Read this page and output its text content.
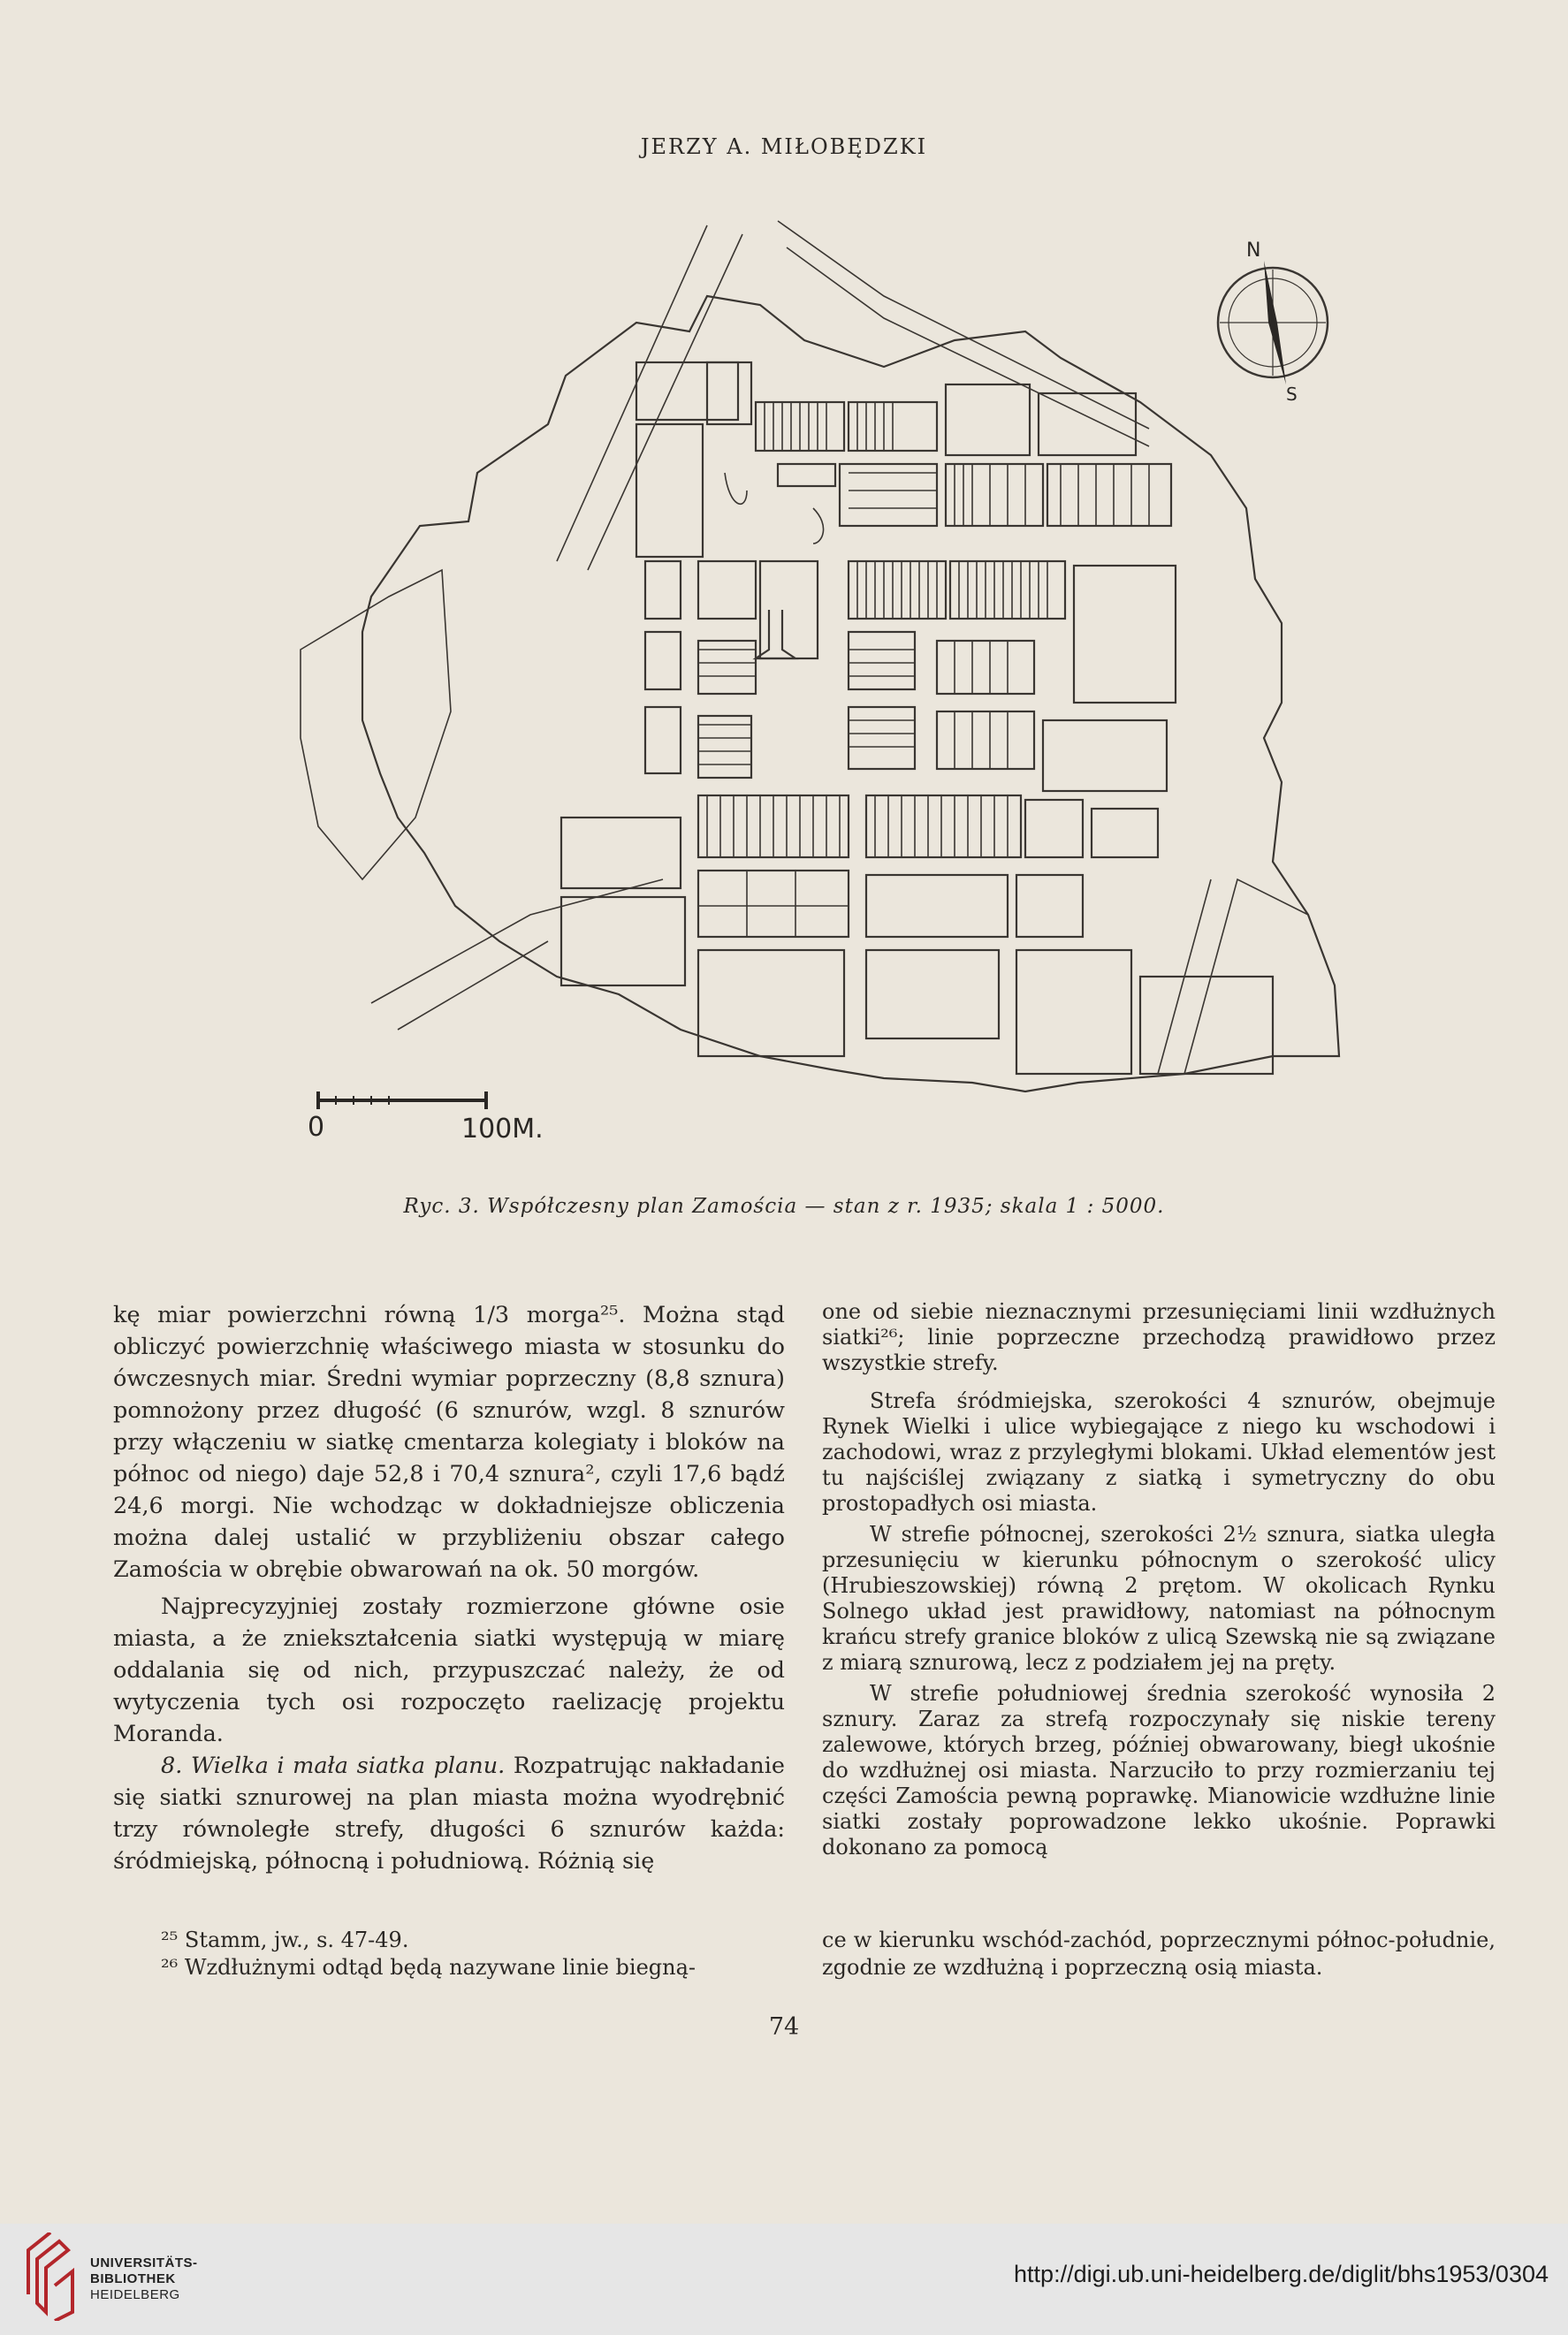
JERZY A. MIŁOBĘDZKI
N
S
0	100M.
Ryc. 3. Współczesny plan Zamościa — stan z r. 1935; skala 1 : 5000.

kę miar powierzchni równą 1/3 morga²⁵. Można stąd obliczyć powierzchnię właściwego miasta w stosunku do ówczesnych miar. Średni wymiar poprzeczny (8,8 sznura) pomnożony przez długość (6 sznurów, wzgl. 8 sznurów przy włączeniu w siatkę cmentarza kolegiaty i bloków na północ od niego) daje 52,8 i 70,4 sznura², czyli 17,6 bądź 24,6 morgi. Nie wchodząc w dokładniejsze obliczenia można dalej ustalić w przybliżeniu obszar całego Zamościa w obrębie obwarowań na ok. 50 morgów.

Najprecyzyjniej zostały rozmierzone główne osie miasta, a że zniekształcenia siatki występują w miarę oddalania się od nich, przypuszczać należy, że od wytyczenia tych osi rozpoczęto raelizację projektu Moranda.

8. Wielka i mała siatka planu. Rozpatrując nakładanie się siatki sznurowej na plan miasta można wyodrębnić trzy równoległe strefy, długości 6 sznurów każda: śródmiejską, północną i południową. Różnią się

one od siebie nieznacznymi przesunięciami linii wzdłużnych siatki²⁶; linie poprzeczne przechodzą prawidłowo przez wszystkie strefy.

Strefa śródmiejska, szerokości 4 sznurów, obejmuje Rynek Wielki i ulice wybiegające z niego ku wschodowi i zachodowi, wraz z przyległymi blokami. Układ elementów jest tu najściślej związany z siatką i symetryczny do obu prostopadłych osi miasta.

W strefie północnej, szerokości 2½ sznura, siatka uległa przesunięciu w kierunku północnym o szerokość ulicy (Hrubieszowskiej) równą 2 prętom. W okolicach Rynku Solnego układ jest prawidłowy, natomiast na północnym krańcu strefy granice bloków z ulicą Szewską nie są związane z miarą sznurową, lecz z podziałem jej na pręty.

W strefie południowej średnia szerokość wynosiła 2 sznury. Zaraz za strefą rozpoczynały się niskie tereny zalewowe, których brzeg, później obwarowany, biegł ukośnie do wzdłużnej osi miasta. Narzuciło to przy rozmierzaniu tej części Zamościa pewną poprawkę. Mianowicie wzdłużne linie siatki zostały poprowadzone lekko ukośnie. Poprawki dokonano za pomocą

²⁵ Stamm, jw., s. 47-49.
²⁶ Wzdłużnymi odtąd będą nazywane linie biegną-
ce w kierunku wschód-zachód, poprzecznymi północ-południe, zgodnie ze wzdłużną i poprzeczną osią miasta.
74
UNIVERSITÄTS-
BIBLIOTHEK
HEIDELBERG
http://digi.ub.uni-heidelberg.de/diglit/bhs1953/0304
